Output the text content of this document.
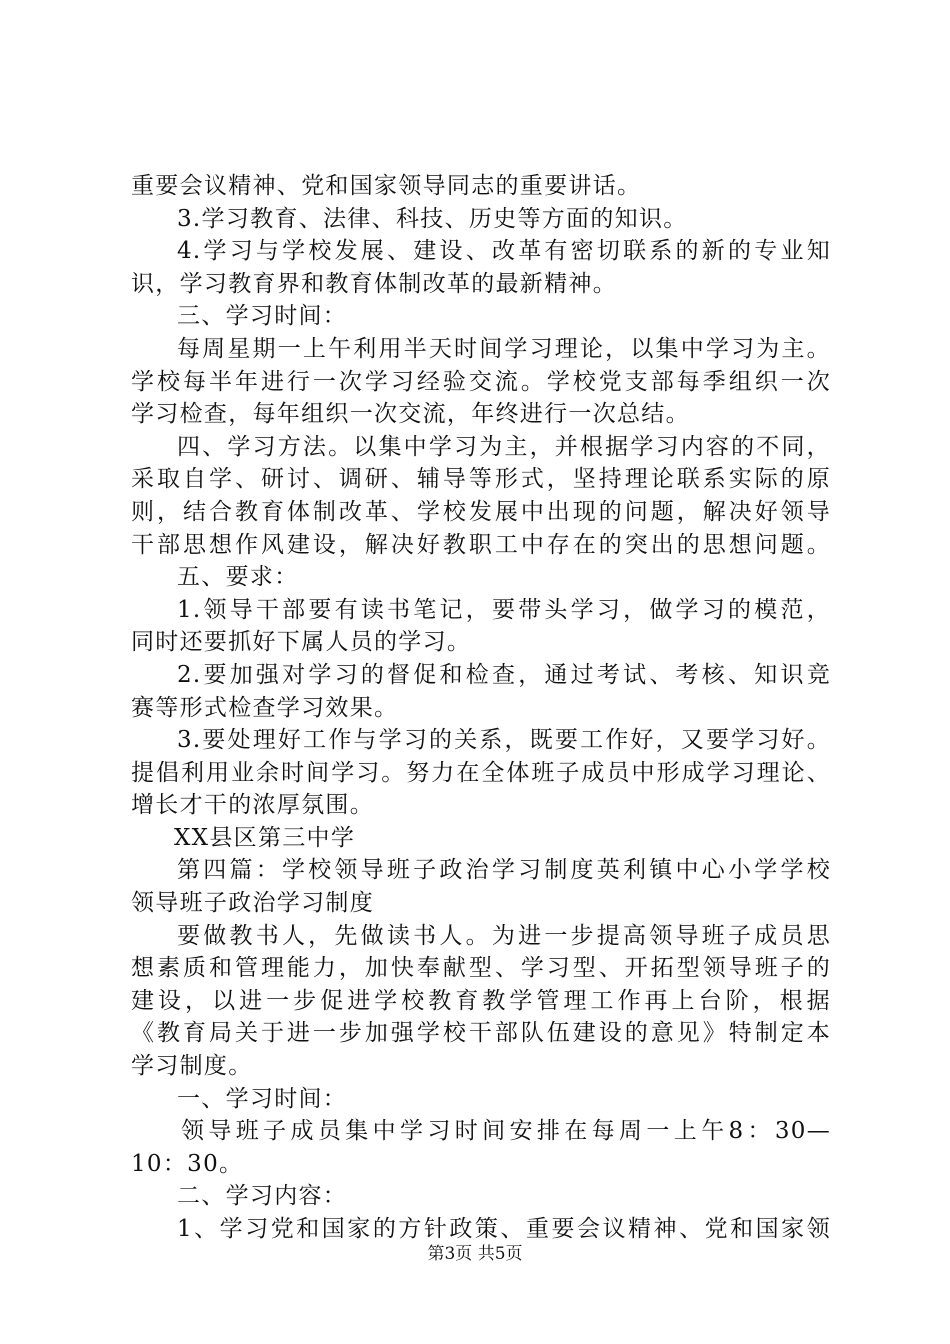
重要会议精神、党和国家领导同志的重要讲话。
3.学习教育、法律、科技、历史等方面的知识。
4.学习与学校发展、建设、改革有密切联系的新的专业知
识，学习教育界和教育体制改革的最新精神。
三、学习时间：
每周星期一上午利用半天时间学习理论，以集中学习为主。
学校每半年进行一次学习经验交流。学校党支部每季组织一次
学习检查，每年组织一次交流，年终进行一次总结。
四、学习方法。以集中学习为主，并根据学习内容的不同，
采取自学、研讨、调研、辅导等形式，坚持理论联系实际的原
则，结合教育体制改革、学校发展中出现的问题，解决好领导
干部思想作风建设，解决好教职工中存在的突出的思想问题。
五、要求：
1.领导干部要有读书笔记，要带头学习，做学习的模范，
同时还要抓好下属人员的学习。
2.要加强对学习的督促和检查，通过考试、考核、知识竞
赛等形式检查学习效果。
3.要处理好工作与学习的关系，既要工作好，又要学习好。
提倡利用业余时间学习。努力在全体班子成员中形成学习理论、
增长才干的浓厚氛围。
XX县区第三中学
第四篇：学校领导班子政治学习制度英利镇中心小学学校
领导班子政治学习制度
要做教书人，先做读书人。为进一步提高领导班子成员思
想素质和管理能力，加快奉献型、学习型、开拓型领导班子的
建设，以进一步促进学校教育教学管理工作再上台阶，根据
《教育局关于进一步加强学校干部队伍建设的意见》特制定本
学习制度。
一、学习时间：
领导班子成员集中学习时间安排在每周一上午8：30—
10：30。
二、学习内容：
1、学习党和国家的方针政策、重要会议精神、党和国家领
第3页 共5页
